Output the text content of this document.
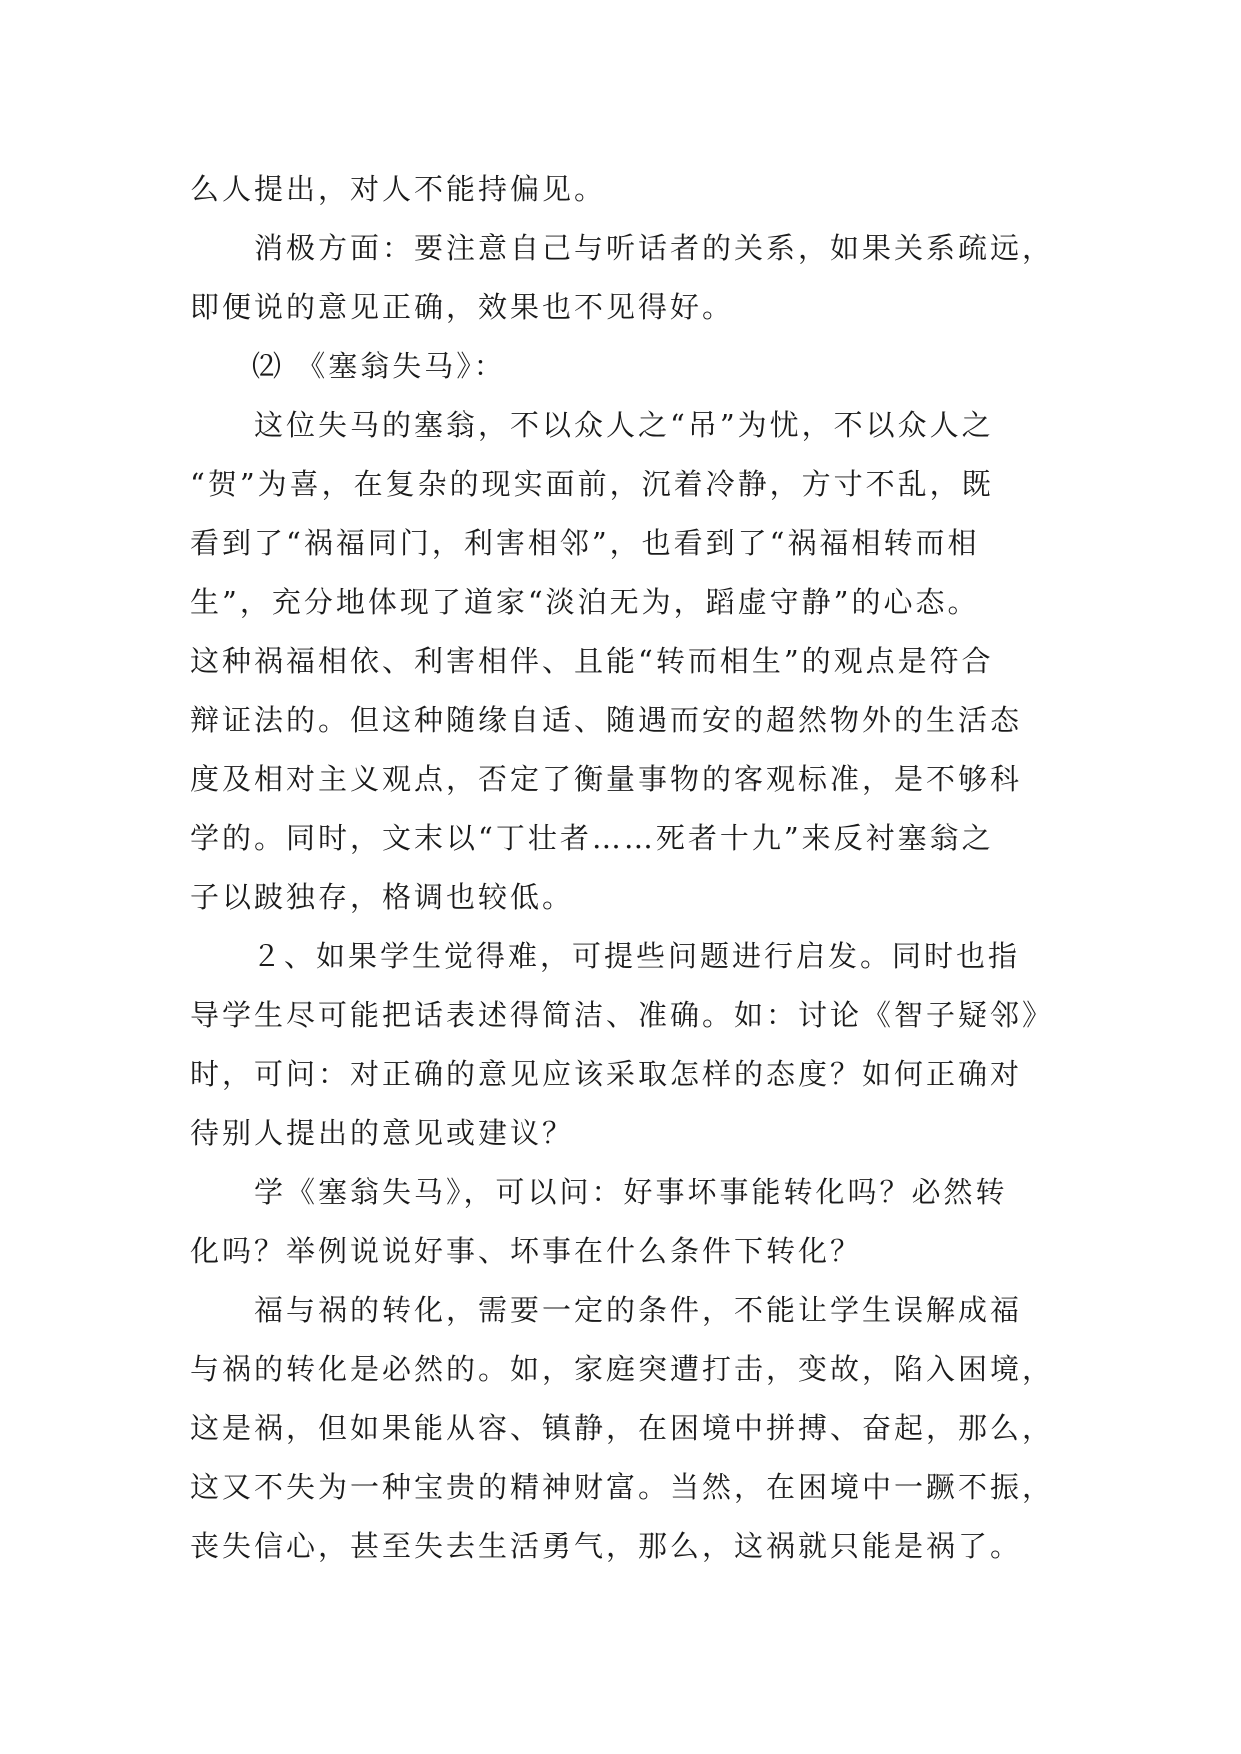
么人提出，对人不能持偏见。
消极方面：要注意自己与听话者的关系，如果关系疏远，
即便说的意见正确，效果也不见得好。
⑵ 《塞翁失马》：
这位失马的塞翁，不以众人之“吊”为忧，不以众人之
“贺”为喜，在复杂的现实面前，沉着冷静，方寸不乱，既
看到了“祸福同门，利害相邻”，也看到了“祸福相转而相
生”，充分地体现了道家“淡泊无为，蹈虚守静”的心态。
这种祸福相依、利害相伴、且能“转而相生”的观点是符合
辩证法的。但这种随缘自适、随遇而安的超然物外的生活态
度及相对主义观点，否定了衡量事物的客观标准，是不够科
学的。同时，文末以“丁壮者……死者十九”来反衬塞翁之
子以跛独存，格调也较低。
２、如果学生觉得难，可提些问题进行启发。同时也指
导学生尽可能把话表述得简洁、准确。如：讨论《智子疑邻》
时，可问：对正确的意见应该采取怎样的态度？如何正确对
待别人提出的意见或建议？
学《塞翁失马》，可以问：好事坏事能转化吗？必然转
化吗？举例说说好事、坏事在什么条件下转化？
福与祸的转化，需要一定的条件，不能让学生误解成福
与祸的转化是必然的。如，家庭突遭打击，变故，陷入困境，
这是祸，但如果能从容、镇静，在困境中拼搏、奋起，那么，
这又不失为一种宝贵的精神财富。当然，在困境中一蹶不振，
丧失信心，甚至失去生活勇气，那么，这祸就只能是祸了。
